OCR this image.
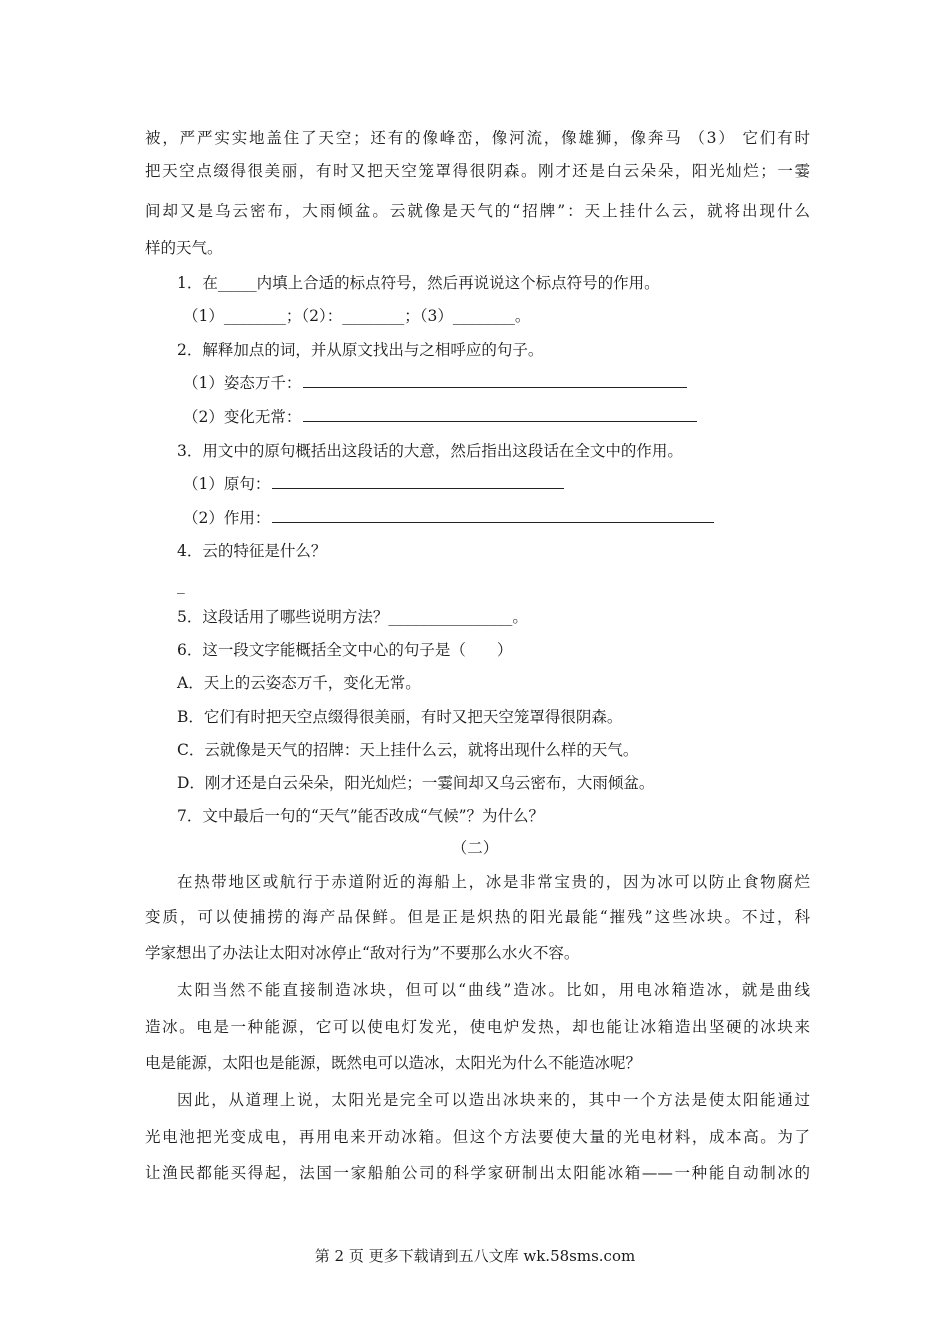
被，严严实实地盖住了天空；还有的像峰峦，像河流，像雄狮，像奔马 （3） 它们有时
把天空点缀得很美丽，有时又把天空笼罩得很阴森。刚才还是白云朵朵，阳光灿烂；一霎
间却又是乌云密布，大雨倾盆。云就像是天气的“招牌”：天上挂什么云，就将出现什么
样的天气。
1．在_____内填上合适的标点符号，然后再说说这个标点符号的作用。
（1）________；（2）：________；（3）________。
2．解释加点的词，并从原文找出与之相呼应的句子。
（1）姿态万千：
（2）变化无常：
3．用文中的原句概括出这段话的大意，然后指出这段话在全文中的作用。
（1）原句：
（2）作用：
4．云的特征是什么？
_
5．这段话用了哪些说明方法？________________。
6．这一段文字能概括全文中心的句子是（　　）
A．天上的云姿态万千，变化无常。
B．它们有时把天空点缀得很美丽，有时又把天空笼罩得很阴森。
C．云就像是天气的招牌：天上挂什么云，就将出现什么样的天气。
D．刚才还是白云朵朵，阳光灿烂；一霎间却又乌云密布，大雨倾盆。
7．文中最后一句的“天气”能否改成“气候”？为什么？
（二）
在热带地区或航行于赤道附近的海船上，冰是非常宝贵的，因为冰可以防止食物腐烂
变质，可以使捕捞的海产品保鲜。但是正是炽热的阳光最能“摧残”这些冰块。不过，科
学家想出了办法让太阳对冰停止“敌对行为”不要那么水火不容。
太阳当然不能直接制造冰块，但可以“曲线”造冰。比如，用电冰箱造冰，就是曲线
造冰。电是一种能源，它可以使电灯发光，使电炉发热，却也能让冰箱造出坚硬的冰块来
电是能源，太阳也是能源，既然电可以造冰，太阳光为什么不能造冰呢？
因此，从道理上说，太阳光是完全可以造出冰块来的，其中一个方法是使太阳能通过
光电池把光变成电，再用电来开动冰箱。但这个方法要使大量的光电材料，成本高。为了
让渔民都能买得起，法国一家船舶公司的科学家研制出太阳能冰箱——一种能自动制冰的
第 2 页 更多下载请到五八文库 wk.58sms.com
